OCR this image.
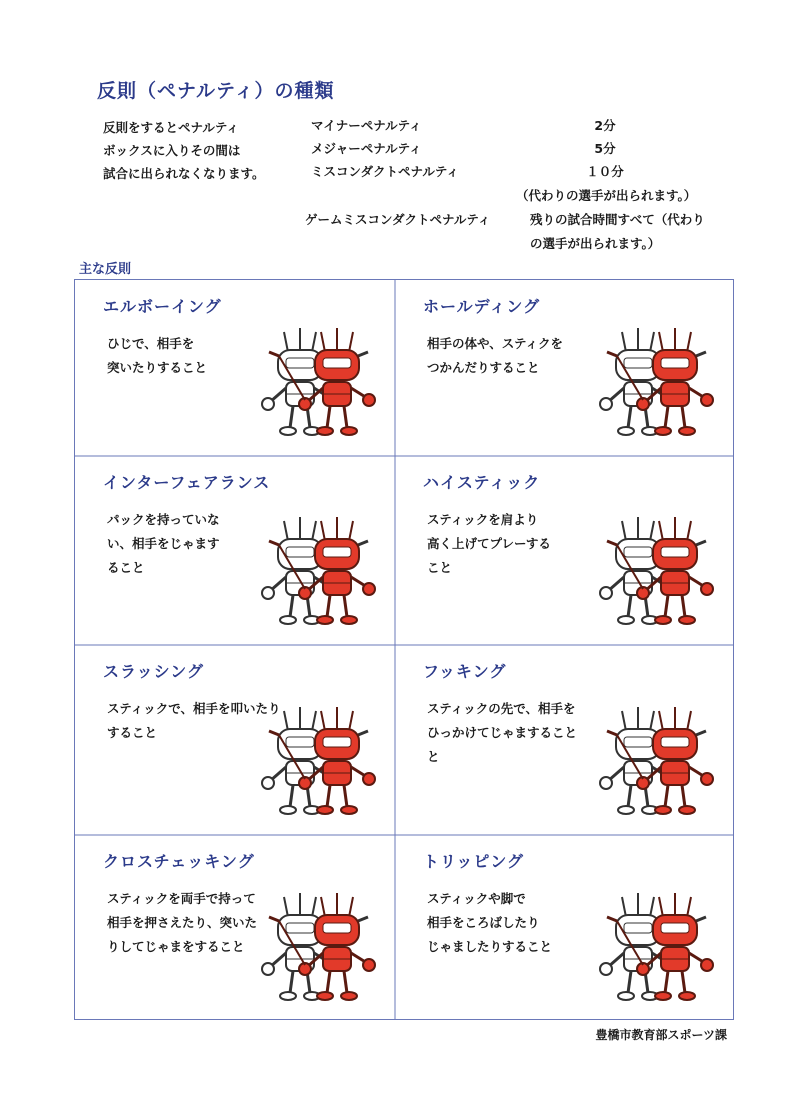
反則（ペナルティ）の種類
反則をするとペナルティ
ボックスに入りその間は
試合に出られなくなります。
マイナーペナルティ	2分
メジャーペナルティ	5分
ミスコンダクトペナルティ	１０分
（代わりの選手が出られます。）
ゲームミスコンダクトペナルティ	残りの試合時間すべて（代わり
の選手が出られます。）
主な反則
エルボーイング
ひじで、相手を
突いたりすること
ホールディング
相手の体や、スティクを
つかんだりすること
インターフェアランス
パックを持っていな
い、相手をじゃます
ること
ハイスティック
スティックを肩より
高く上げてプレーする
こと
スラッシング
スティックで、相手を叩いたり
すること
フッキング
スティックの先で、相手を
ひっかけてじゃますること
と
クロスチェッキング
スティックを両手で持って
相手を押さえたり、突いた
りしてじゃまをすること
トリッピング
スティックや脚で
相手をころばしたり
じゃましたりすること
豊橋市教育部スポーツ課
